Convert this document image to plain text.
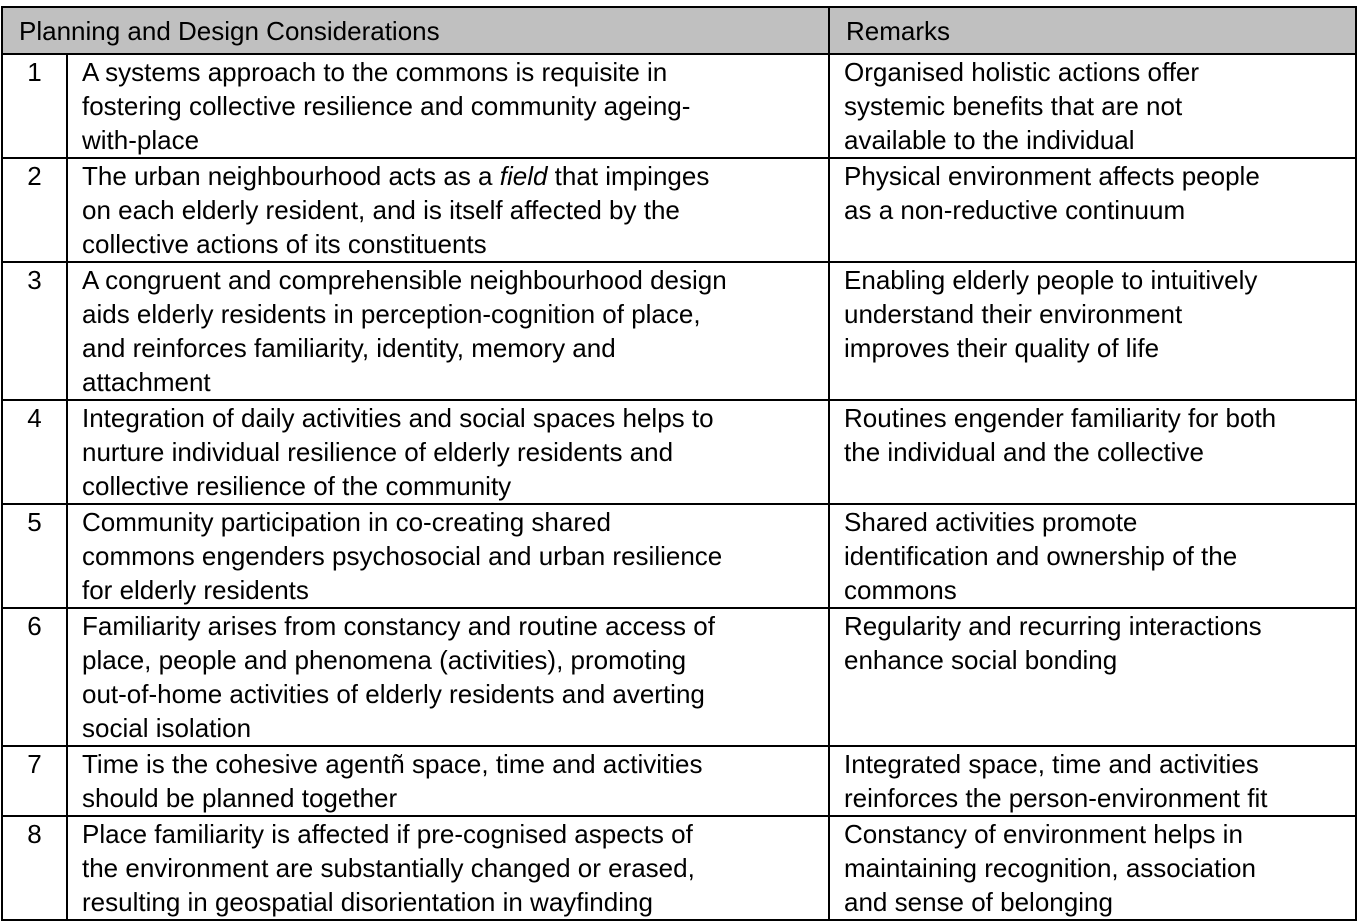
Planning and Design Considerations		Remarks
1	A systems approach to the commons is requisite in
fostering collective resilience and community ageing-
with-place	Organised holistic actions offer
systemic benefits that are not
available to the individual

2	The urban neighbourhood acts as a field that impinges
on each elderly resident, and is itself affected by the
collective actions of its constituents	Physical environment affects people
as a non-reductive continuum

3	A congruent and comprehensible neighbourhood design
aids elderly residents in perception-cognition of place,
and reinforces familiarity, identity, memory and
attachment	Enabling elderly people to intuitively
understand their environment
improves their quality of life

4	Integration of daily activities and social spaces helps to
nurture individual resilience of elderly residents and
collective resilience of the community	Routines engender familiarity for both
the individual and the collective

5	Community participation in co-creating shared
commons engenders psychosocial and urban resilience
for elderly residents	Shared activities promote
identification and ownership of the
commons

6	Familiarity arises from constancy and routine access of
place, people and phenomena (activities), promoting
out-of-home activities of elderly residents and averting
social isolation	Regularity and recurring interactions
enhance social bonding

7	Time is the cohesive agentñ space, time and activities
should be planned together	Integrated space, time and activities
reinforces the person-environment fit

8	Place familiarity is affected if pre-cognised aspects of
the environment are substantially changed or erased,
resulting in geospatial disorientation in wayfinding	Constancy of environment helps in
maintaining recognition, association
and sense of belonging
